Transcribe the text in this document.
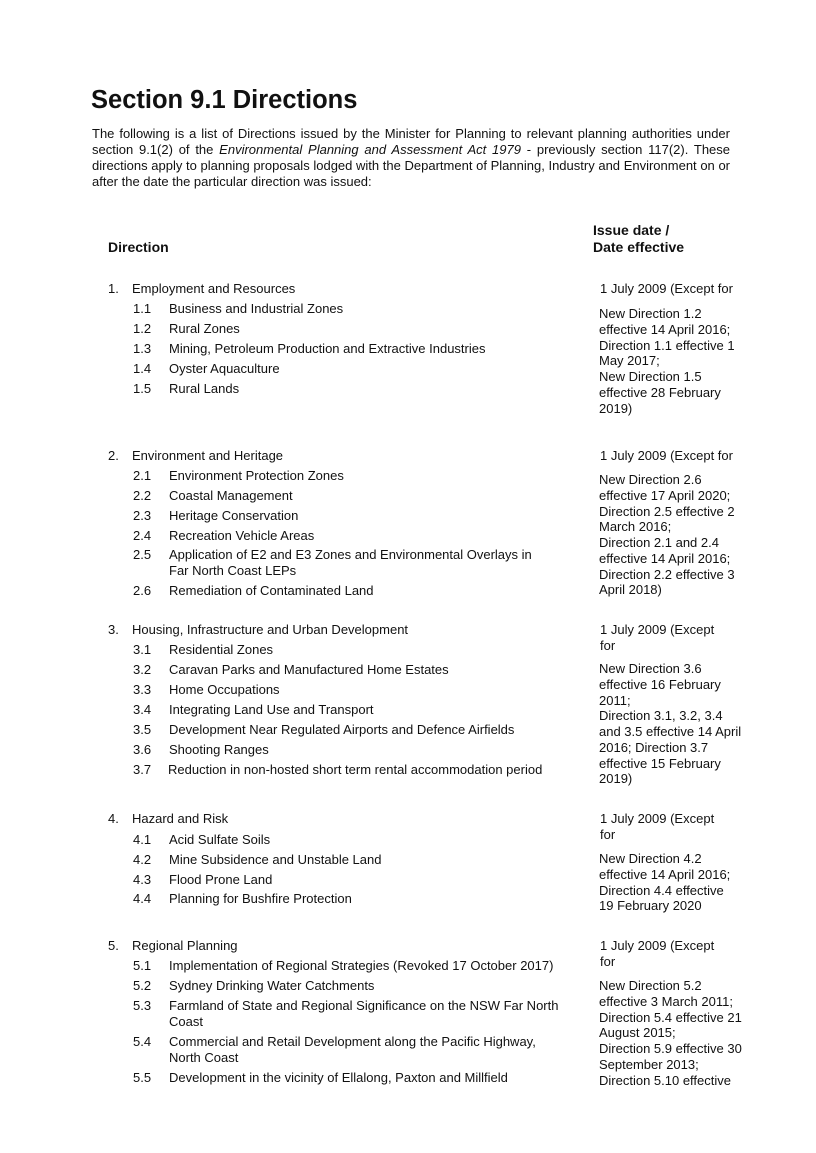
Section 9.1 Directions

The following is a list of Directions issued by the Minister for Planning to relevant planning authorities under section 9.1(2) of the Environmental Planning and Assessment Act 1979 - previously section 117(2). These directions apply to planning proposals lodged with the Department of Planning, Industry and Environment on or after the date the particular direction was issued:

Direction
Issue date /
Date effective
1. Employment and Resources
1.1 Business and Industrial Zones
1.2 Rural Zones
1.3 Mining, Petroleum Production and Extractive Industries
1.4 Oyster Aquaculture
1.5 Rural Lands
1 July 2009 (Except for
New Direction 1.2
effective 14 April 2016;
Direction 1.1 effective 1
May 2017;
New Direction 1.5
effective 28 February
2019)
2. Environment and Heritage
2.1 Environment Protection Zones
2.2 Coastal Management
2.3 Heritage Conservation
2.4 Recreation Vehicle Areas
2.5 Application of E2 and E3 Zones and Environmental Overlays in Far North Coast LEPs
2.6 Remediation of Contaminated Land
1 July 2009 (Except for
New Direction 2.6
effective 17 April 2020;
Direction 2.5 effective 2
March 2016;
Direction 2.1 and 2.4
effective 14 April 2016;
Direction 2.2 effective 3
April 2018)
3. Housing, Infrastructure and Urban Development
3.1 Residential Zones
3.2 Caravan Parks and Manufactured Home Estates
3.3 Home Occupations
3.4 Integrating Land Use and Transport
3.5 Development Near Regulated Airports and Defence Airfields
3.6 Shooting Ranges
3.7 Reduction in non-hosted short term rental accommodation period
1 July 2009 (Except
for
New Direction 3.6
effective 16 February
2011;
Direction 3.1, 3.2, 3.4
and 3.5 effective 14 April
2016; Direction 3.7
effective 15 February
2019)
4. Hazard and Risk
4.1 Acid Sulfate Soils
4.2 Mine Subsidence and Unstable Land
4.3 Flood Prone Land
4.4 Planning for Bushfire Protection
1 July 2009 (Except
for
New Direction 4.2
effective 14 April 2016;
Direction 4.4 effective
19 February 2020
5. Regional Planning
5.1 Implementation of Regional Strategies (Revoked 17 October 2017)
5.2 Sydney Drinking Water Catchments
5.3 Farmland of State and Regional Significance on the NSW Far North Coast
5.4 Commercial and Retail Development along the Pacific Highway, North Coast
5.5 Development in the vicinity of Ellalong, Paxton and Millfield
1 July 2009 (Except
for
New Direction 5.2
effective 3 March 2011;
Direction 5.4 effective 21
August 2015;
Direction 5.9 effective 30
September 2013;
Direction 5.10 effective
